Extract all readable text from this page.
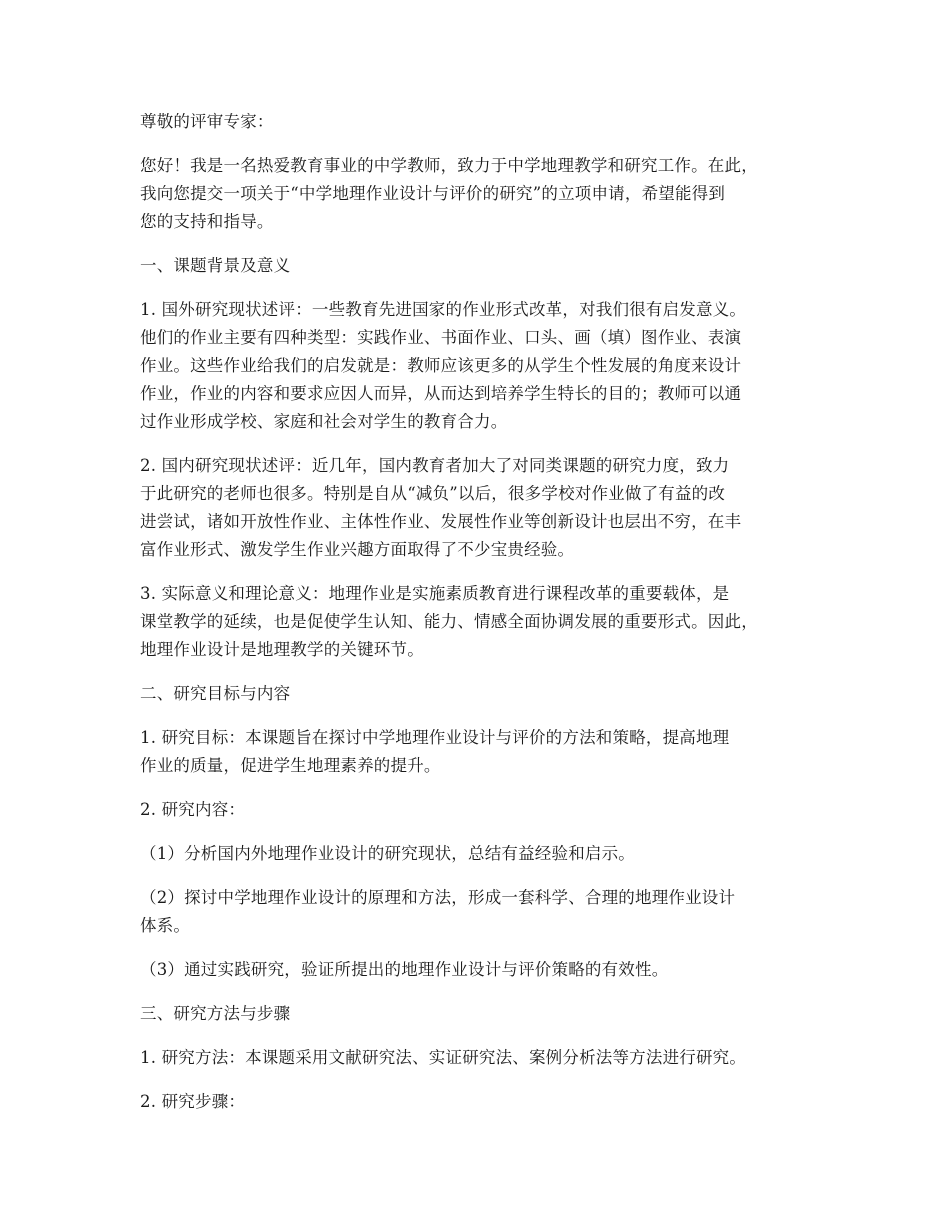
尊敬的评审专家：

您好！我是一名热爱教育事业的中学教师，致力于中学地理教学和研究工作。在此，
我向您提交一项关于“中学地理作业设计与评价的研究”的立项申请，希望能得到
您的支持和指导。

一、课题背景及意义

1. 国外研究现状述评：一些教育先进国家的作业形式改革，对我们很有启发意义。
他们的作业主要有四种类型：实践作业、书面作业、口头、画（填）图作业、表演
作业。这些作业给我们的启发就是：教师应该更多的从学生个性发展的角度来设计
作业，作业的内容和要求应因人而异，从而达到培养学生特长的目的；教师可以通
过作业形成学校、家庭和社会对学生的教育合力。

2. 国内研究现状述评：近几年，国内教育者加大了对同类课题的研究力度，致力
于此研究的老师也很多。特别是自从“减负”以后，很多学校对作业做了有益的改
进尝试，诸如开放性作业、主体性作业、发展性作业等创新设计也层出不穷，在丰
富作业形式、激发学生作业兴趣方面取得了不少宝贵经验。

3. 实际意义和理论意义：地理作业是实施素质教育进行课程改革的重要载体，是
课堂教学的延续，也是促使学生认知、能力、情感全面协调发展的重要形式。因此，
地理作业设计是地理教学的关键环节。

二、研究目标与内容

1. 研究目标：本课题旨在探讨中学地理作业设计与评价的方法和策略，提高地理
作业的质量，促进学生地理素养的提升。

2. 研究内容：

（1）分析国内外地理作业设计的研究现状，总结有益经验和启示。

（2）探讨中学地理作业设计的原理和方法，形成一套科学、合理的地理作业设计
体系。

（3）通过实践研究，验证所提出的地理作业设计与评价策略的有效性。

三、研究方法与步骤

1. 研究方法：本课题采用文献研究法、实证研究法、案例分析法等方法进行研究。

2. 研究步骤：
